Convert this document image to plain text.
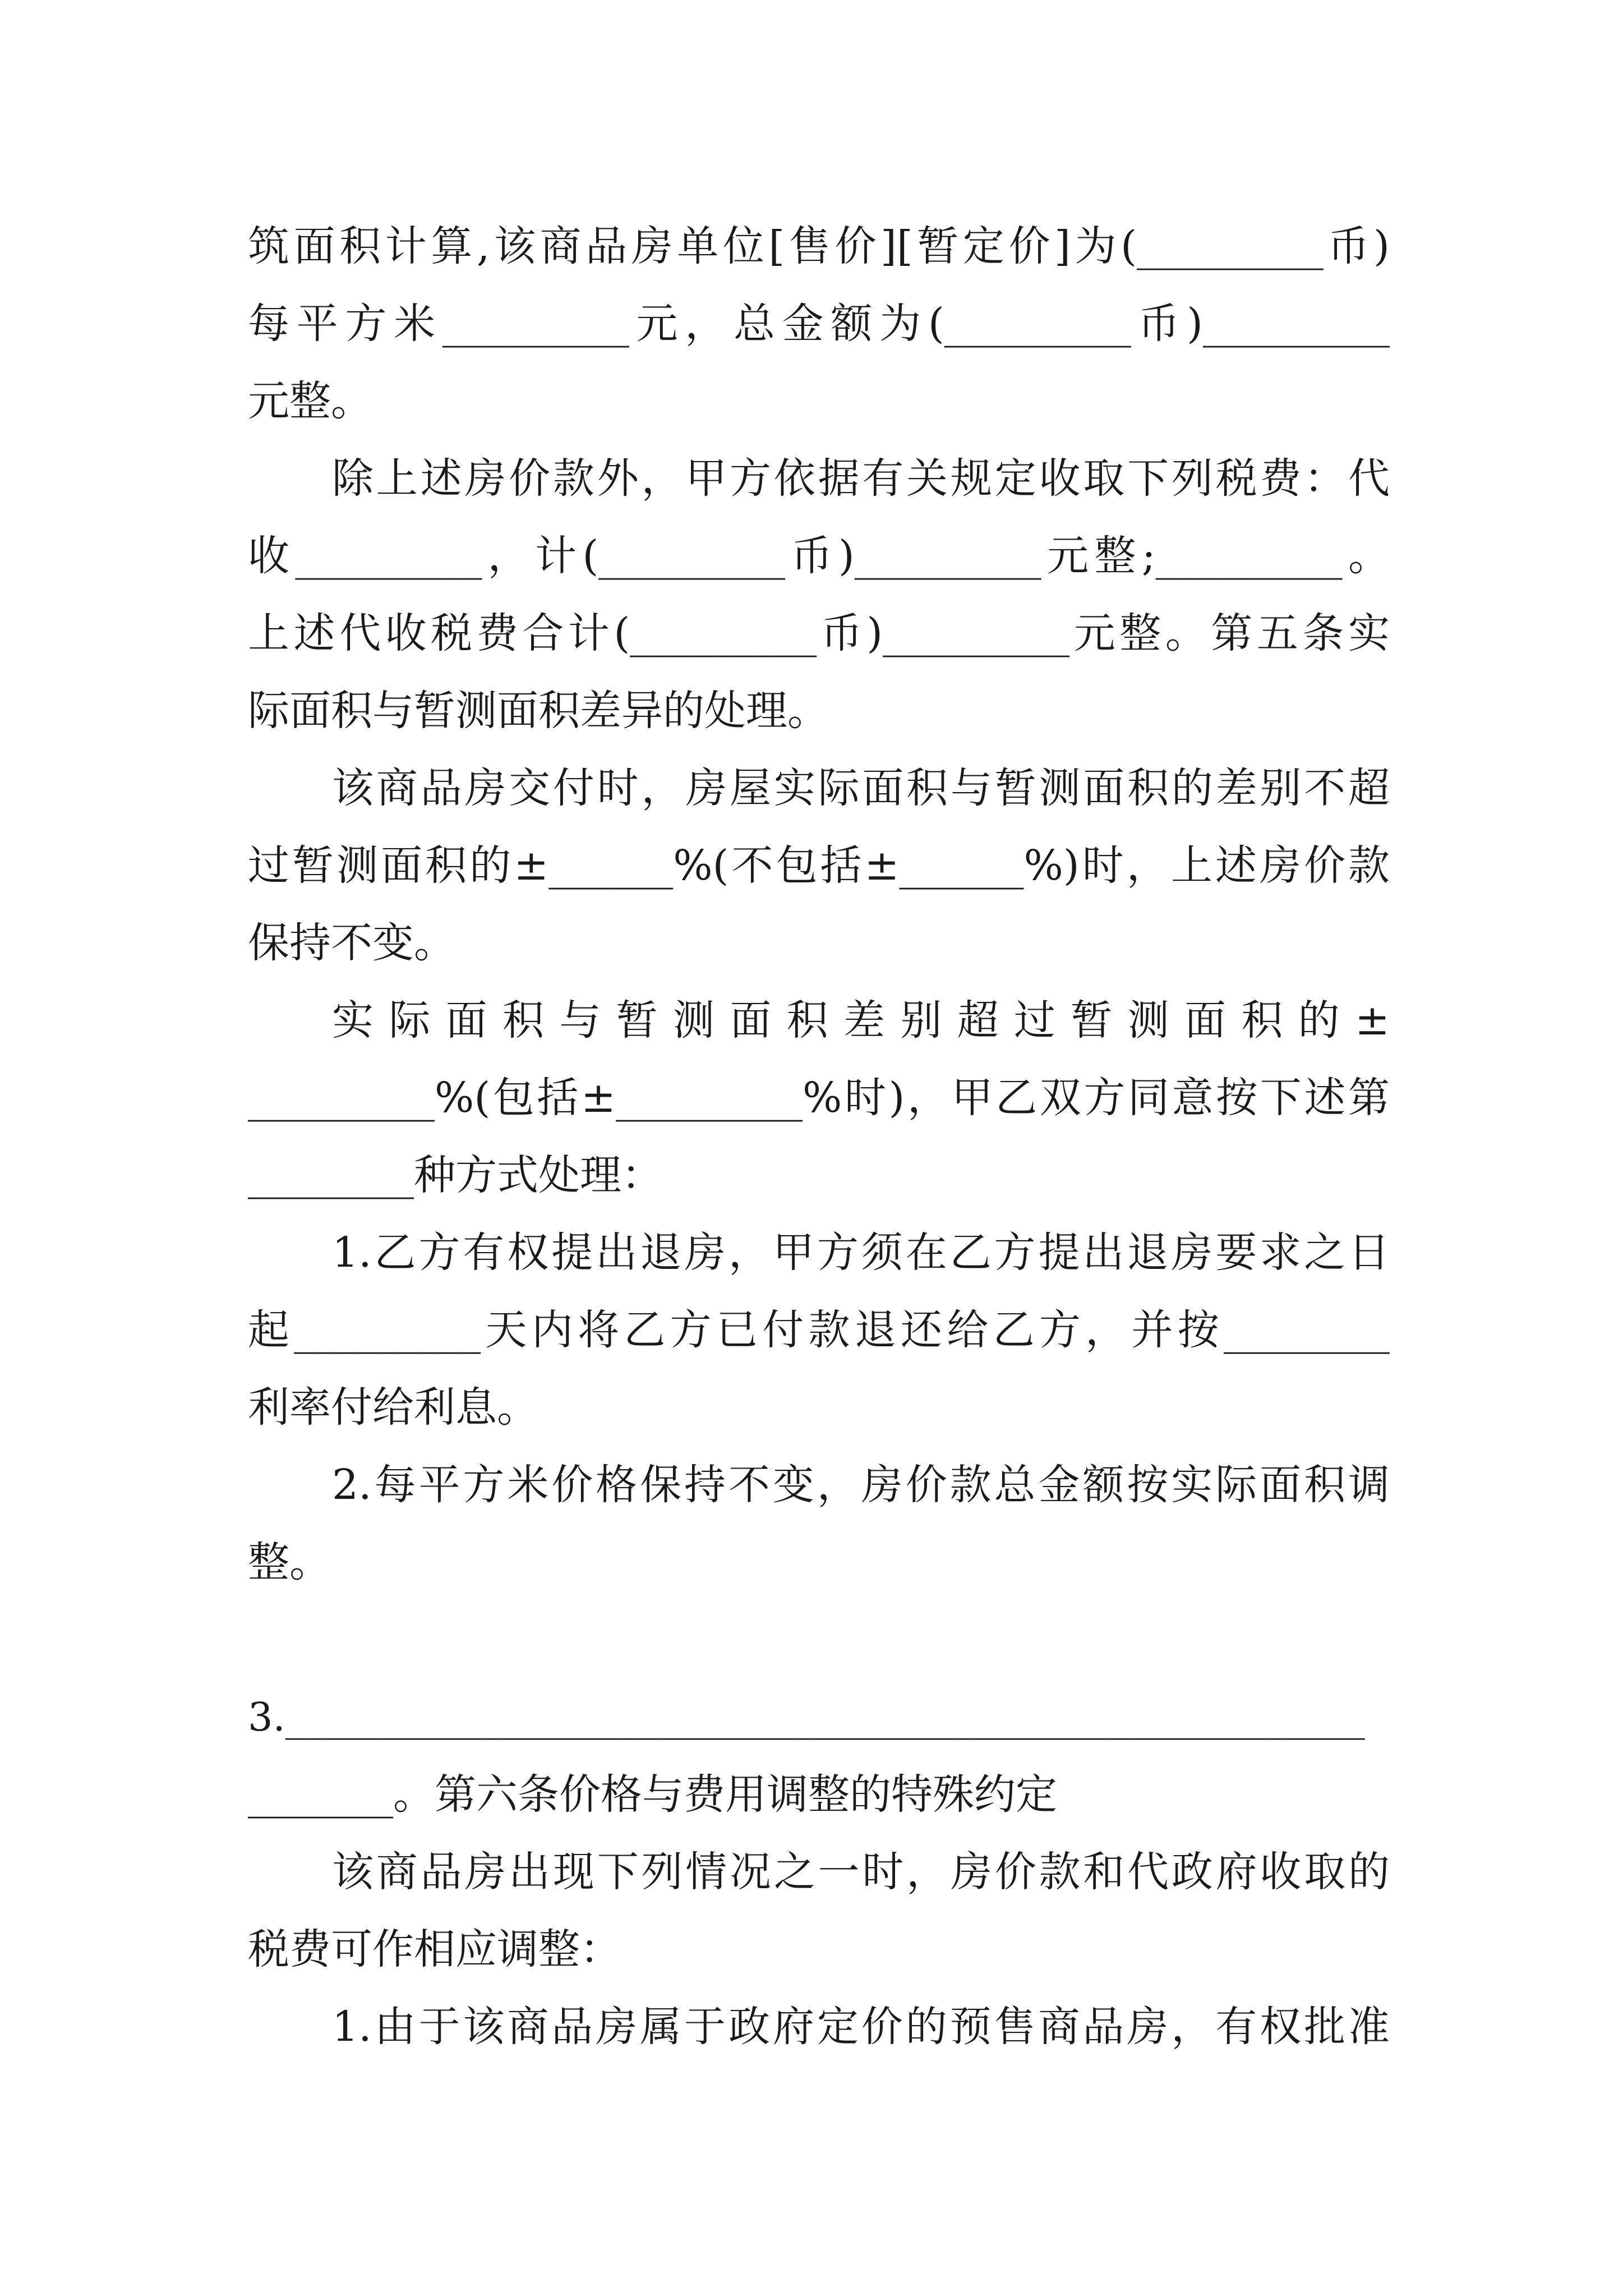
筑面积计算,该商品房单位[售价][暂定价]为(_________币)
每平方米_________元，总金额为(_________币)_________
元整。
除上述房价款外，甲方依据有关规定收取下列税费：代
收_________，计(_________币)_________元整;_________。
上述代收税费合计(_________币)_________元整。第五条实
际面积与暂测面积差异的处理。
该商品房交付时，房屋实际面积与暂测面积的差别不超
过暂测面积的±______%(不包括±______%)时，上述房价款
保持不变。
实际面积与暂测面积差别超过暂测面积的±
_________%(包括±_________%时)，甲乙双方同意按下述第
________种方式处理：
1.乙方有权提出退房，甲方须在乙方提出退房要求之日
起_________天内将乙方已付款退还给乙方，并按________
利率付给利息。
2.每平方米价格保持不变，房价款总金额按实际面积调
整。
3._______________________________________________________
_______。第六条价格与费用调整的特殊约定
该商品房出现下列情况之一时，房价款和代政府收取的
税费可作相应调整：
1.由于该商品房属于政府定价的预售商品房，有权批准
